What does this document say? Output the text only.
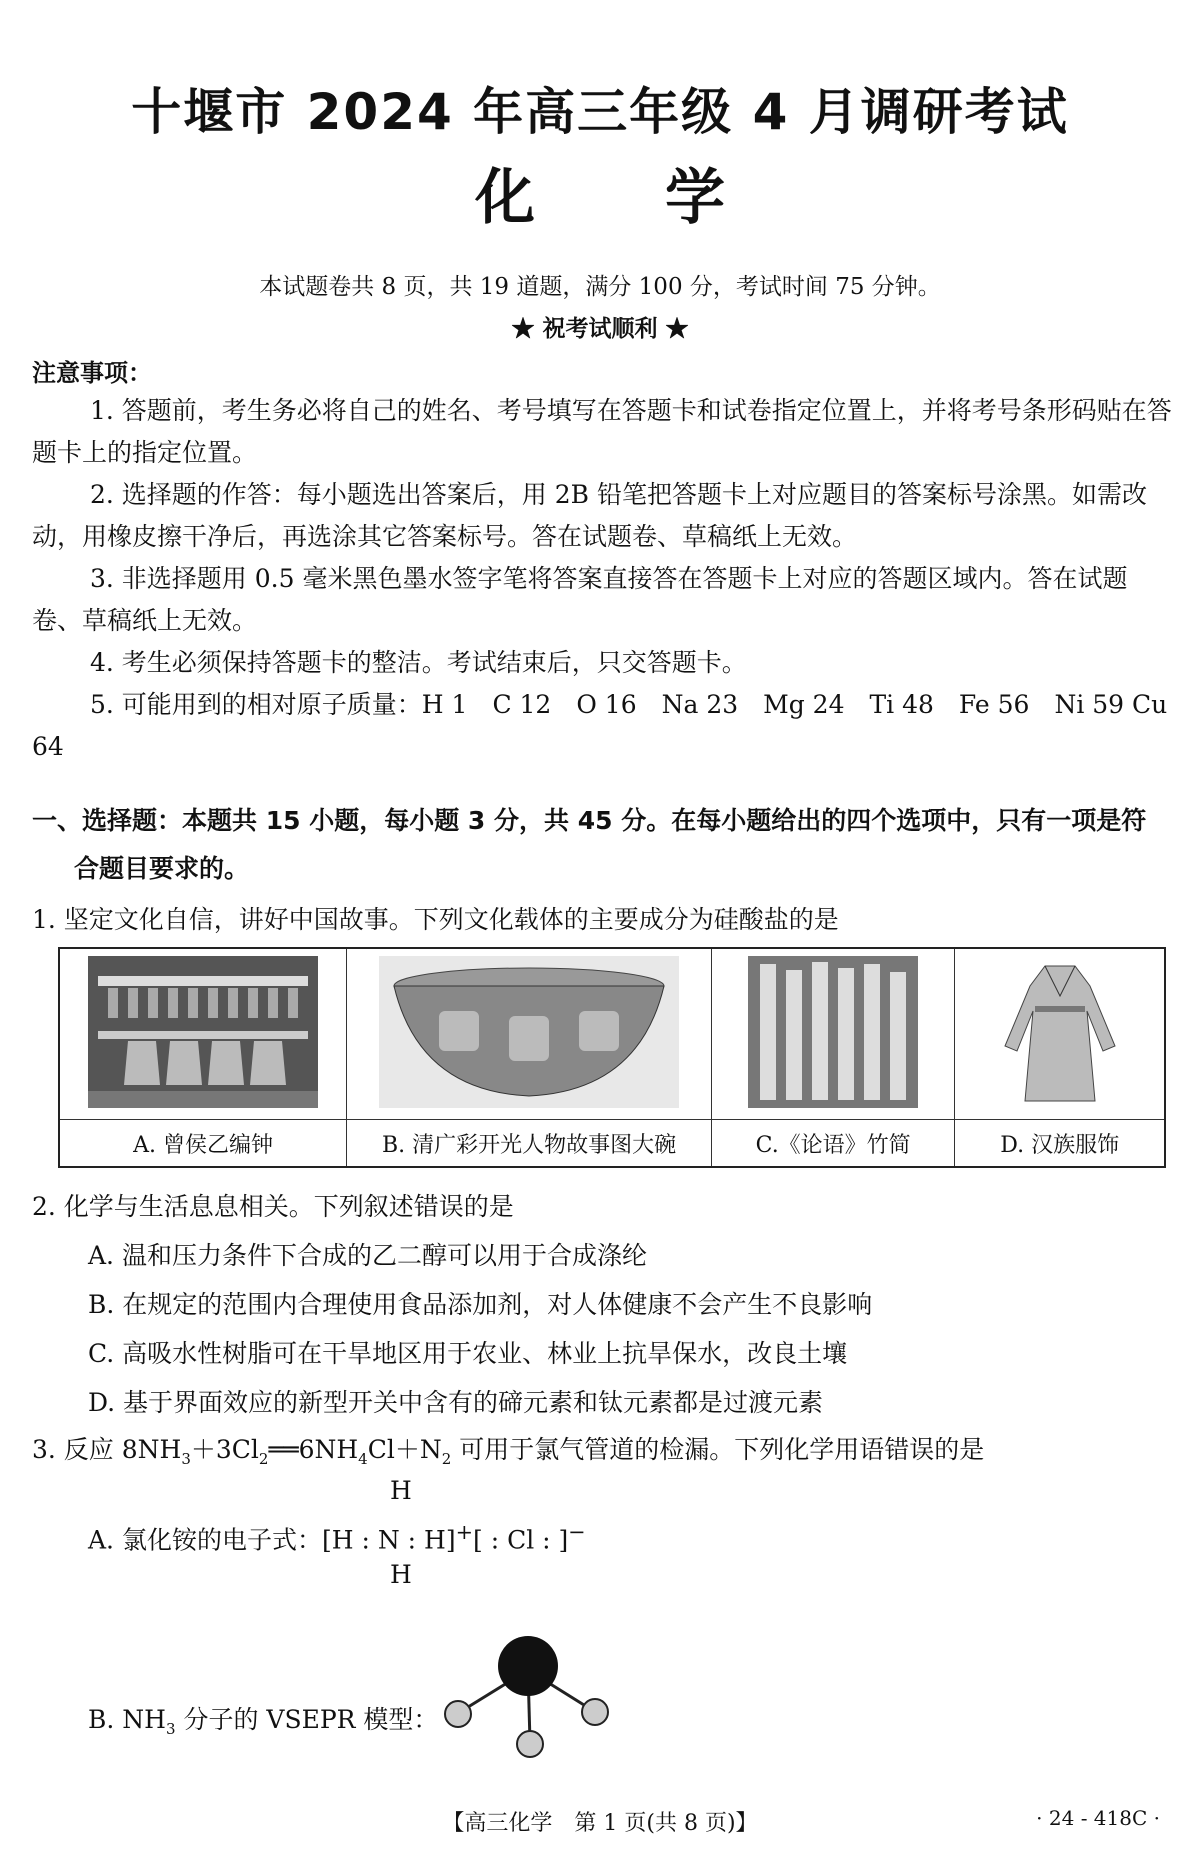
十堰市 2024 年高三年级 4 月调研考试
化学
本试题卷共 8 页，共 19 道题，满分 100 分，考试时间 75 分钟。
★ 祝考试顺利 ★
注意事项：
1. 答题前，考生务必将自己的姓名、考号填写在答题卡和试卷指定位置上，并将考号条形码贴在答题卡上的指定位置。
2. 选择题的作答：每小题选出答案后，用 2B 铅笔把答题卡上对应题目的答案标号涂黑。如需改动，用橡皮擦干净后，再选涂其它答案标号。答在试题卷、草稿纸上无效。
3. 非选择题用 0.5 毫米黑色墨水签字笔将答案直接答在答题卡上对应的答题区域内。答在试题卷、草稿纸上无效。
4. 考生必须保持答题卡的整洁。考试结束后，只交答题卡。
5. 可能用到的相对原子质量：H 1　C 12　O 16　Na 23　Mg 24　Ti 48　Fe 56　Ni 59 Cu 64
一、选择题：本题共 15 小题，每小题 3 分，共 45 分。在每小题给出的四个选项中，只有一项是符
合题目要求的。
1. 坚定文化自信，讲好中国故事。下列文化载体的主要成分为硅酸盐的是

A. 曾侯乙编钟	B. 清广彩开光人物故事图大碗	C.《论语》竹简	D. 汉族服饰
2. 化学与生活息息相关。下列叙述错误的是
A. 温和压力条件下合成的乙二醇可以用于合成涤纶
B. 在规定的范围内合理使用食品添加剂，对人体健康不会产生不良影响
C. 高吸水性树脂可在干旱地区用于农业、林业上抗旱保水，改良土壤
D. 基于界面效应的新型开关中含有的碲元素和钛元素都是过渡元素
3. 反应 $8NH_3+3Cl_2══6NH_4Cl+N_2$ 可用于氯气管道的检漏。下列化学用语错误的是
A. 氯化铵的电子式：[H : N : H]+[ : Cl : ]−
H
H
B. $NH_3$ 分子的 VSEPR 模型：
【高三化学　第 1 页(共 8 页)】	· 24 - 418C ·
